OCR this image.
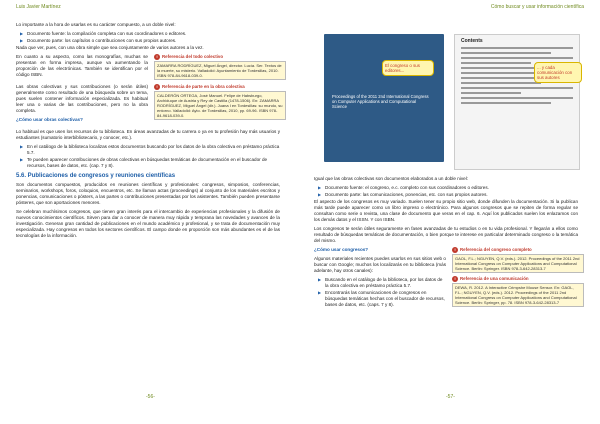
Luis Javier Martínez	Cómo buscar y usar información científica

Lo importante a la hora de usarlas es su carácter compuesto, a un doble nivel:

▶ Documento fuente: la compilación completa con sus coordinadores o editores.
▶ Documento parte: los capítulos o contribuciones con sus propios autores.

Nada que ver, pues, con una obra simple que sea conjuntamente de varios autores a la vez.

En cuanto a su aspecto, como las monografías, muchas se presentan en forma impresa, aunque va aumentando la proporción de las electrónicas. También se identifican por el código ISBN.

! Referencia del todo colectivo
ZAMARRA RODRÍGUEZ, Miguel Ángel, director. Lucía. Ser. Textos de la muerte, su misterio. Valladolid: Ayuntamiento de Tordesillas, 2010. ISBN 978-84-9618-039-0.

Las obras colectivas y sus contribuciones (o serán útiles) generalmente como resultado de una búsqueda sobre un tema, pues suelen contener información especializada. Es habitual leer una o varias de las contribuciones, pero no la obra completa.

¿Cómo usar obras colectivas?

! Referencia de parte en la obra colectiva
CALDERÓN ORTEGA, José Manuel. Felipe de Habsburgo, Archiduque de Austria y Rey de Castilla (1478-1506). En: ZAMARRA RODRÍGUEZ, Miguel Ángel (dir.). Juana I en Tordesillas: su mundo, su entorno. Valladolid: Ayto. de Tordesillas, 2010, pp. 69-96. ISBN 978-84-9618-039-0.

Lo habitual es que usen los recursos de tu biblioteca. En áreas avanzadas de tu carrera o ya en tu profesión hay más usuarios y estudiantes (sumatorio interbibliotecario, y conocer, etc.).

▶ En el catálogo de la biblioteca localizas estos documentos buscando por los datos de la obra colectiva en préstamo práctica 5.7.
▶ Te pueden aparecer contribuciones de obras colectivas en búsquedas temáticas de documentación en el buscador de recursos, bases de datos, etc. (cap. 7 y 8).
5.6. Publicaciones de congresos y reuniones científicas

Son documentos compuestos, producidos en reuniones científicas y profesionales: congresos, simposios, conferencias, seminarios, workshops, foros, coloquios, encuentros, etc. Se llaman actas (proceedings) al conjunto de los materiales escritos y ponencias, comunicaciones o pósters, a las partes o contribuciones presentadas por los asistentes. También pueden presentarse pósteres, que son aportaciones menores.

Se celebran muchísimos congresos, que tienen gran interés para el intercambio de experiencias profesionales y la difusión de nuevos conocimientos científicos. Sirven para dar a conocer de manera muy rápida y temprana las novedades y avances de la investigación. Generan gran cantidad de publicaciones en el mundo académico y profesional, y se trata de documentación muy especializada. Hay congresos en todos los sectores científicos. El campo donde en proporción son más abundantes es el de las tecnologías de la información.

-56-
Proceedings of the 2011 2nd International Congress on Computer Applications and Computational Science
Contents
El congreso o sus editores...
... y cada comunicación con sus autores

Igual que las obras colectivas son documentos elaborados a un doble nivel:

▶ Documento fuente: el congreso, e.c. completo con sus coordinadores o editores.
▶ Documento parte: las comunicaciones, ponencias, etc. con sus propios autores.

El aspecto de los congresos es muy variado. Suelen tener su propio sitio web, donde difunden la documentación. Si la publican más tarde puede aparecer como un libro impreso o electrónico. Para algunos congresos que se repiten de forma regular se consultan como serie o revista, una clase de documento que veras en el cap. 6. Aquí los publicados suelen los enlazamos con los demás datos y el ISSN. Y con ISBN.

Los congresos te serán útiles seguramente en fases avanzadas de tu estudios o en tu vida profesional. Y llegarán a ellos como resultado de búsquedas temáticas de documentación, o bien porque te interese en particular determinado congreso o la temática del mismo.

¿Cómo usar congresos?

Algunos materiales recientes puedes usarlos en sus sitios web o buscar con Google; muchos los localizarás en tu biblioteca (más adelante, hay otros canales):

▶ Buscando en el catálogo de la biblioteca, por los datos de la obra colectiva en préstamo práctica 5.7.
▶ Encontrarás las comunicaciones de congresos en búsquedas temáticas hechas con el buscador de recursos, bases de datos, etc. (caps. 7 y 8).
! Referencia del congreso completo
GAOL, F.L.; NGUYEN, Q.V. (eds.). 2012. Proceedings of the 2011 2nd International Congress on Computer Applications and Computational Science. Berlin: Springer. ISBN 978-3-642-28313-7
! Referencia de una comunicación
DEWA, R. 2012. A Interactive Crimpshe Mouse Sensor. En: GAOL, F.L.; NGUYEN, Q.V. (eds.). 2012. Proceedings of the 2011 2nd International Congress on Computer Applications and Computational Science. Berlin: Springer, pp. 78. ISBN 978-3-642-28313-7
-57-
